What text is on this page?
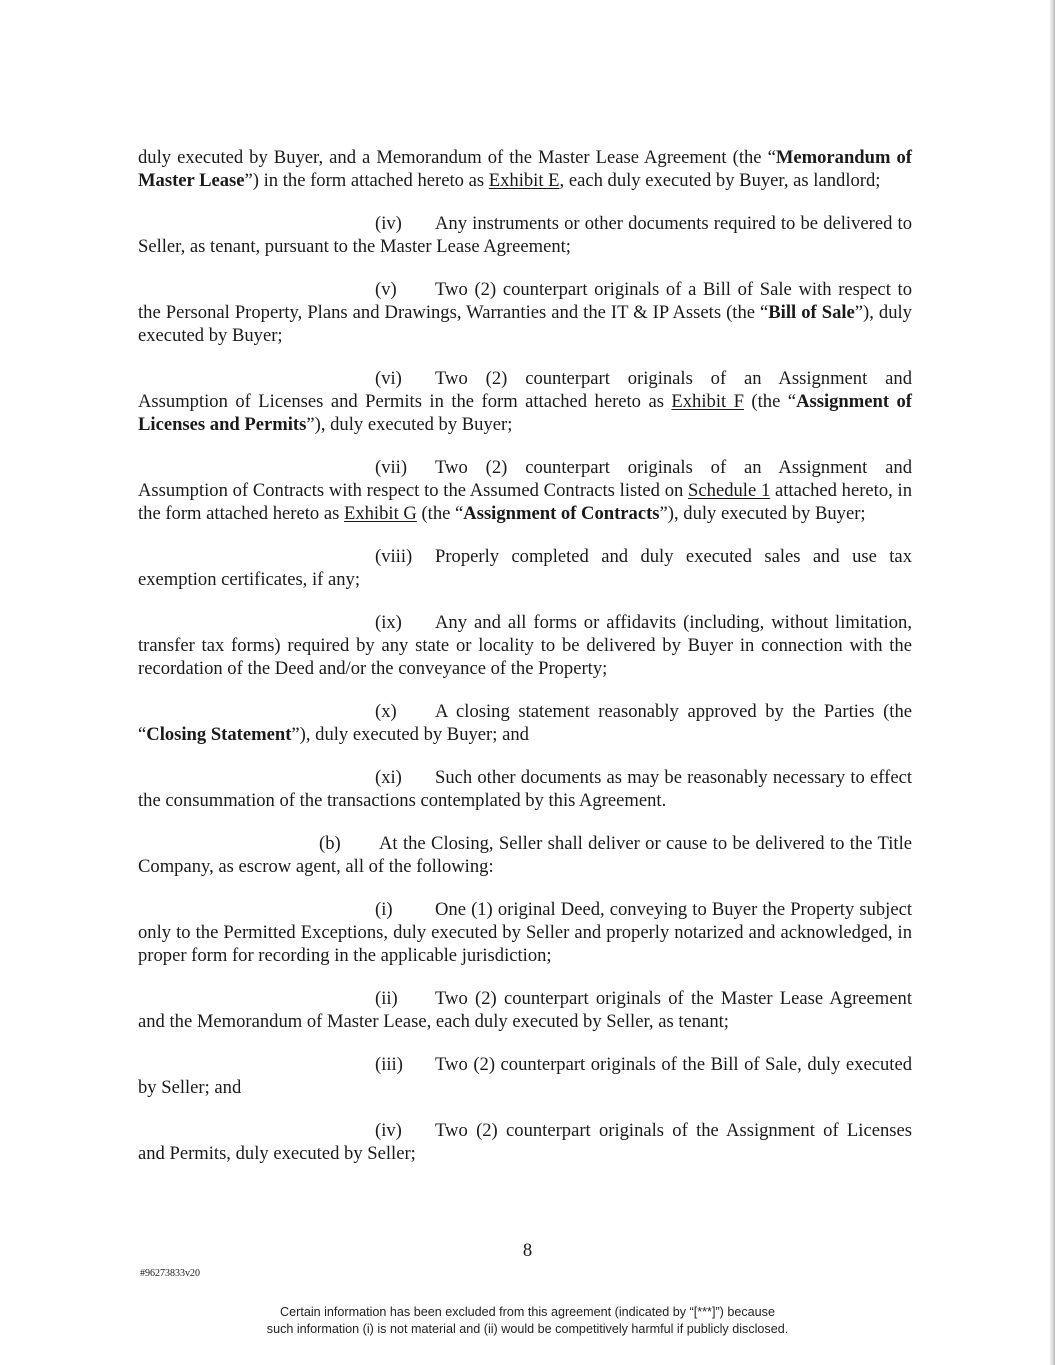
duly executed by Buyer, and a Memorandum of the Master Lease Agreement (the “Memorandum of Master Lease”) in the form attached hereto as Exhibit E, each duly executed by Buyer, as landlord;

(iv) Any instruments or other documents required to be delivered to Seller, as tenant, pursuant to the Master Lease Agreement;

(v) Two (2) counterpart originals of a Bill of Sale with respect to the Personal Property, Plans and Drawings, Warranties and the IT & IP Assets (the “Bill of Sale”), duly executed by Buyer;

(vi) Two (2) counterpart originals of an Assignment and Assumption of Licenses and Permits in the form attached hereto as Exhibit F (the “Assignment of Licenses and Permits”), duly executed by Buyer;

(vii) Two (2) counterpart originals of an Assignment and Assumption of Contracts with respect to the Assumed Contracts listed on Schedule 1 attached hereto, in the form attached hereto as Exhibit G (the “Assignment of Contracts”), duly executed by Buyer;

(viii) Properly completed and duly executed sales and use tax exemption certificates, if any;

(ix) Any and all forms or affidavits (including, without limitation, transfer tax forms) required by any state or locality to be delivered by Buyer in connection with the recordation of the Deed and/or the conveyance of the Property;

(x) A closing statement reasonably approved by the Parties (the “Closing Statement”), duly executed by Buyer; and

(xi) Such other documents as may be reasonably necessary to effect the consummation of the transactions contemplated by this Agreement.

(b) At the Closing, Seller shall deliver or cause to be delivered to the Title Company, as escrow agent, all of the following:

(i) One (1) original Deed, conveying to Buyer the Property subject only to the Permitted Exceptions, duly executed by Seller and properly notarized and acknowledged, in proper form for recording in the applicable jurisdiction;

(ii) Two (2) counterpart originals of the Master Lease Agreement and the Memorandum of Master Lease, each duly executed by Seller, as tenant;

(iii) Two (2) counterpart originals of the Bill of Sale, duly executed by Seller; and

(iv) Two (2) counterpart originals of the Assignment of Licenses and Permits, duly executed by Seller;

8
#96273833v20
Certain information has been excluded from this agreement (indicated by “[***]”) because
such information (i) is not material and (ii) would be competitively harmful if publicly disclosed.
